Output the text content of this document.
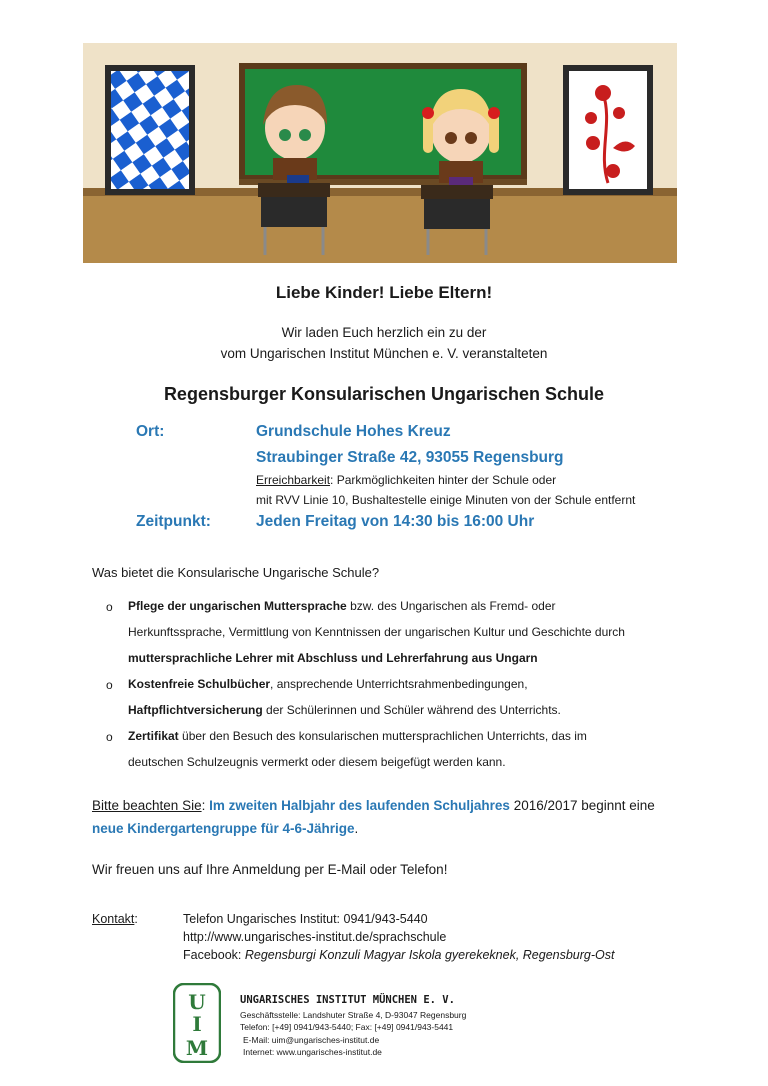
Liebe Kinder! Liebe Eltern!
Wir laden Euch herzlich ein zu der
vom Ungarischen Institut München e. V. veranstalteten
Regensburger Konsularischen Ungarischen Schule
Ort:	Grundschule Hohes Kreuz
Straubinger Straße 42, 93055 Regensburg
Erreichbarkeit: Parkmöglichkeiten hinter der Schule oder
mit RVV Linie 10, Bushaltestelle einige Minuten von der Schule entfernt
Zeitpunkt:	Jeden Freitag von 14:30 bis 16:00 Uhr
Was bietet die Konsularische Ungarische Schule?
o Pflege der ungarischen Muttersprache bzw. des Ungarischen als Fremd- oder
Herkunftssprache, Vermittlung von Kenntnissen der ungarischen Kultur und Geschichte durch
muttersprachliche Lehrer mit Abschluss und Lehrerfahrung aus Ungarn
o Kostenfreie Schulbücher, ansprechende Unterrichtsrahmenbedingungen,
Haftpflichtversicherung der Schülerinnen und Schüler während des Unterrichts.
o Zertifikat über den Besuch des konsularischen muttersprachlichen Unterrichts, das im
deutschen Schulzeugnis vermerkt oder diesem beigefügt werden kann.
Bitte beachten Sie: Im zweiten Halbjahr des laufenden Schuljahres 2016/2017 beginnt eine
neue Kindergartengruppe für 4-6-Jährige.
Wir freuen uns auf Ihre Anmeldung per E-Mail oder Telefon!
Kontakt:	Telefon Ungarisches Institut: 0941/943-5440
http://www.ungarisches-institut.de/sprachschule
Facebook: Regensburgi Konzuli Magyar Iskola gyerekeknek, Regensburg-Ost
U
I
M
UNGARISCHES INSTITUT MÜNCHEN E. V.
Geschäftsstelle: Landshuter Straße 4, D-93047 Regensburg
Telefon: [+49] 0941/943-5440; Fax: [+49] 0941/943-5441
E-Mail: uim@ungarisches-institut.de
Internet: www.ungarisches-institut.de
